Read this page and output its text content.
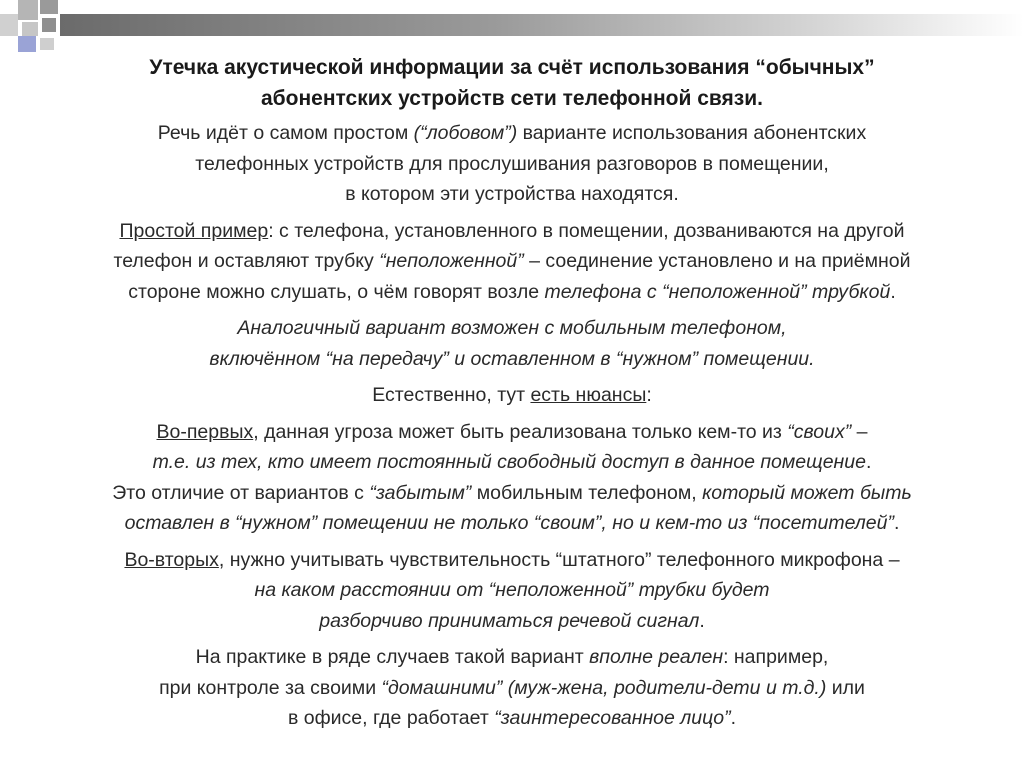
Утечка акустической информации за счёт использования “обычных”
абонентских устройств сети телефонной связи.
Речь идёт о самом простом (“лобовом”) варианте использования абонентских
телефонных устройств для прослушивания разговоров в помещении,
в котором эти устройства находятся.
Простой пример: с телефона, установленного в помещении, дозваниваются на другой
телефон и оставляют трубку “неположенной” – соединение установлено и на приёмной
стороне можно слушать, о чём говорят возле телефона с “неположенной” трубкой.
Аналогичный вариант возможен с мобильным телефоном,
включённом “на передачу” и оставленном в “нужном” помещении.
Естественно, тут есть нюансы:
Во-первых, данная угроза может быть реализована только кем-то из “своих” –
т.е. из тех, кто имеет постоянный свободный доступ в данное помещение.
Это отличие от вариантов с “забытым” мобильным телефоном, который может быть
оставлен в “нужном” помещении не только “своим”, но и кем-то из “посетителей”.
Во-вторых, нужно учитывать чувствительность “штатного” телефонного микрофона –
на каком расстоянии от “неположенной” трубки будет
разборчиво приниматься речевой сигнал.
На практике в ряде случаев такой вариант вполне реален: например,
при контроле за своими “домашними” (муж-жена, родители-дети и т.д.) или
в офисе, где работает “заинтересованное лицо”.
